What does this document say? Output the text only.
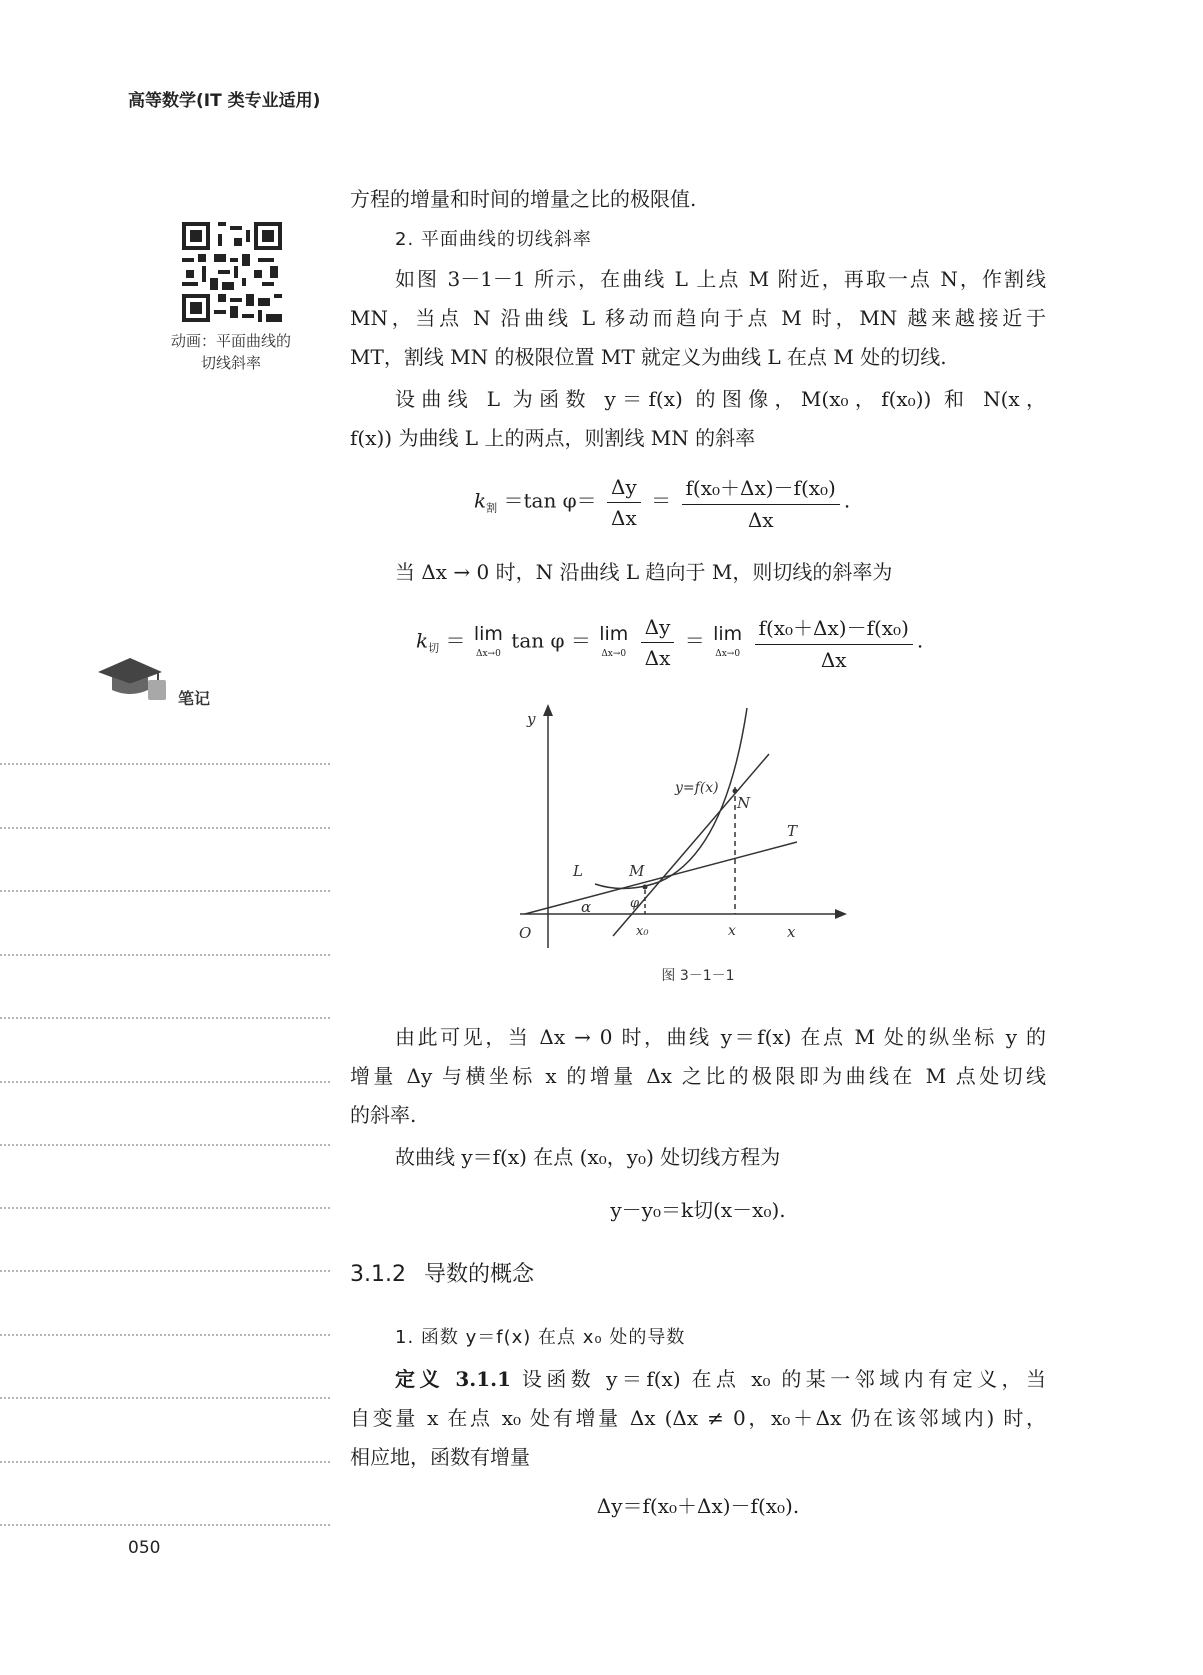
高等数学(IT 类专业适用)
动画：平面曲线的
切线斜率
笔记
050
方程的增量和时间的增量之比的极限值.
2. 平面曲线的切线斜率
如图 3－1－1 所示，在曲线 L 上点 M 附近，再取一点 N，作割线
MN，当点 N 沿曲线 L 移动而趋向于点 M 时，MN 越来越接近于
MT，割线 MN 的极限位置 MT 就定义为曲线 L 在点 M 处的切线.
设曲线 L 为函数 y＝f(x) 的图像，M(x₀，f(x₀)) 和 N(x，
f(x)) 为曲线 L 上的两点，则割线 MN 的斜率
$k_割 =\tan$ $\varphi= \frac{\Delta y}{\Delta x} = \frac{\text{f(x₀＋Δx)－f(x₀)}}{\Delta x}$ .
当 Δx → 0 时，N 沿曲线 L 趋向于 M，则切线的斜率为
$k_切 = \lim$
Δx→0
tan φ ＝ lim
Δx→0
$\frac{\Delta y}{\Delta x} = \lim$
Δx→0
$\frac{\text{f(x₀＋Δx)－f(x₀)}}{\Delta x}$ .
y
x
O
y=f(x)
N
T
L	M
α	φ
x₀	x
图 3－1－1
由此可见，当 Δx → 0 时，曲线 y＝f(x) 在点 M 处的纵坐标 y 的
增量 Δy 与横坐标 x 的增量 Δx 之比的极限即为曲线在 M 点处切线
的斜率.
故曲线 y＝f(x) 在点 (x₀，y₀) 处切线方程为
y－y₀＝k切(x－x₀).
3.1.2 导数的概念
1. 函数 y＝f(x) 在点 x₀ 处的导数
定义 3.1.1 设函数 y＝f(x) 在点 x₀ 的某一邻域内有定义，当
自变量 x 在点 x₀ 处有增量 Δx (Δx ≠ 0，x₀＋Δx 仍在该邻域内) 时，
相应地，函数有增量
Δy＝f(x₀＋Δx)－f(x₀).
